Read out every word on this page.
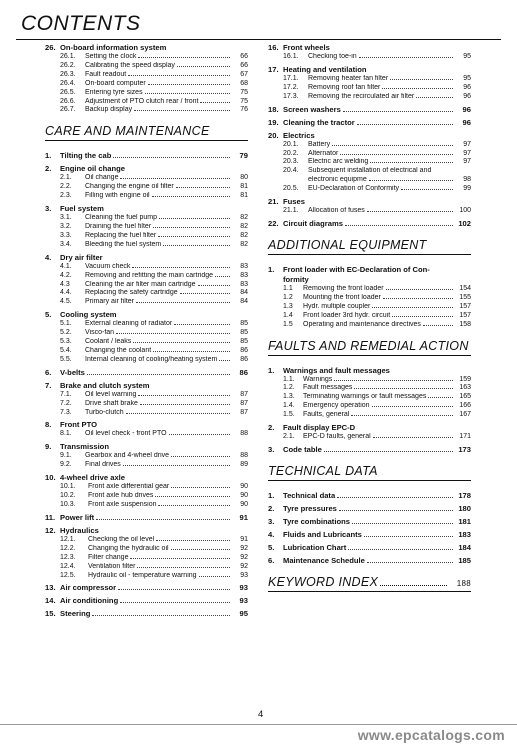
CONTENTS
26. On-board information system
26.1.	Setting the clock	66
26.2.	Calibrating the speed display	66
26.3.	Fault readout	67
26.4.	On-board computer	68
26.5.	Entering tyre sizes	75
26.6.	Adjustment of PTO clutch rear / front	75
26.7.	Backup display	76
CARE AND MAINTENANCE
1.	Tilting the cab	79
2.	Engine oil change
2.1.	Oil change	80
2.2.	Changing the engine oil filter	81
2.3.	Filling with engine oil	81
3.	Fuel system
3.1.	Cleaning the fuel pump	82
3.2.	Draining the fuel filter	82
3.3.	Replacing the fuel filter	82
3.4.	Bleeding the fuel system	82
4.	Dry air filter
4.1.	Vacuum check	83
4.2.	Removing and refitting the main cartridge	83
4.3	Cleaning the air filter main cartridge	83
4.4.	Replacing the safety cartridge	84
4.5.	Primary air filter	84
5.	Cooling system
5.1.	External cleaning of radiator	85
5.2.	Visco-fan	85
5.3.	Coolant / leaks	85
5.4.	Changing the coolant	86
5.5.	Internal cleaning of cooling/heating system	86
6.	V-belts	86
7.	Brake and clutch system
7.1.	Oil level warning	87
7.2.	Drive shaft brake	87
7.3.	Turbo-clutch	87
8.	Front PTO
8.1.	Oil level check - front PTO	88
9.	Transmission
9.1.	Gearbox and 4-wheel drive	88
9.2.	Final drives	89
10. 4-wheel drive axle
10.1.	Front axle differential gear	90
10.2.	Front axle hub drives	90
10.3.	Front axle suspension	90
11. Power lift	91
12. Hydraulics
12.1.	Checking the oil level	91
12.2.	Changing the hydraulic oil	92
12.3.	Filter change	92
12.4.	Ventilation filter	92
12.5.	Hydraulic oil - temperature warning	93
13. Air compressor	93
14. Air conditioning	93
15. Steering	95
16. Front wheels
16.1.	Checking toe-in	95
17. Heating and ventilation
17.1.	Removing heater fan filter	95
17.2.	Removing roof fan filter	96
17.3.	Removing the recirculated air filter	96
18. Screen washers	96
19. Cleaning the tractor	96
20. Electrics
20.1.	Battery	97
20.2.	Alternator	97
20.3.	Electric arc welding	97
20.4.	Subsequent installation of electrical and
electronic equipme	98
20.5.	EU-Declaration of Conformity	99
21. Fuses
21.1.	Allocation of fuses	100
22. Circuit diagrams	102
ADDITIONAL EQUIPMENT
1.	Front loader with EC-Declaration of Con-
formity
1.1	Removing the front loader	154
1.2	Mounting the front loader	155
1.3	Hydr. multiple coupler	157
1.4	Front loader 3rd hydr. circuit	157
1.5	Operating and maintenance directives	158
FAULTS AND REMEDIAL ACTION
1.	Warnings and fault messages
1.1.	Warnings	159
1.2.	Fault messages	163
1.3.	Terminating warnings or fault messages	165
1.4.	Emergency operation	166
1.5.	Faults, general	167
2.	Fault display EPC-D
2.1.	EPC-D faults, general	171
3.	Code table	173
TECHNICAL DATA
1.	Technical data	178
2.	Tyre pressures	180
3.	Tyre combinations	181
4.	Fluids and Lubricants	183
5.	Lubrication Chart	184
6.	Maintenance Schedule	185
KEYWORD INDEX	188
4
www.epcatalogs.com
